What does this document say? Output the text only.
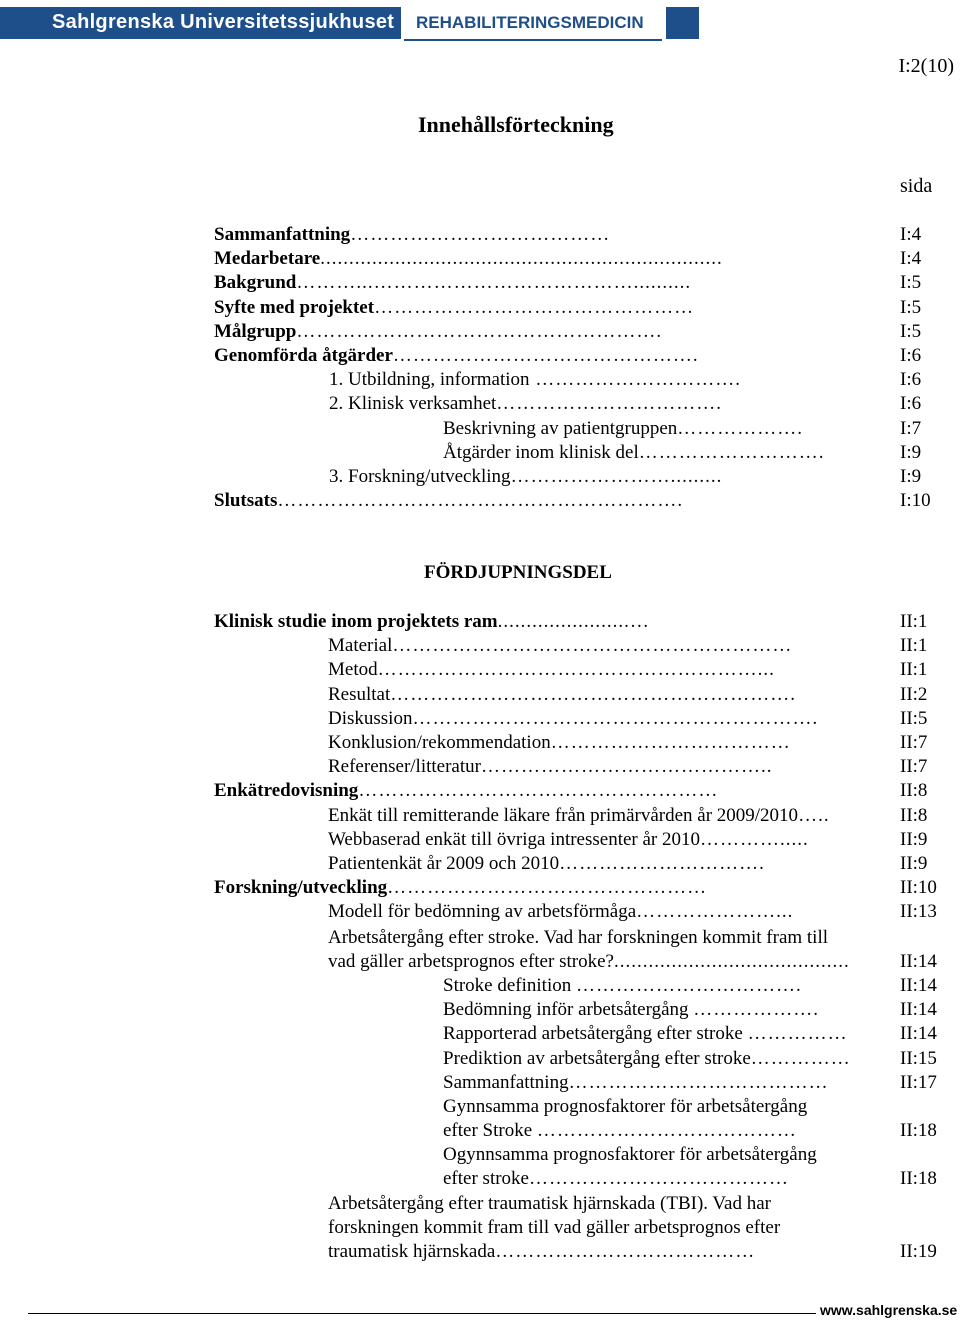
Sahlgrenska Universitetssjukhuset REHABILITERINGSMEDICIN
I:2(10)
Innehållsförteckning
sida
Sammanfattning…………………………………	I:4
Medarbetare......................................................................	I:4
Bakgrund………...…………………………………..........	I:5
Syfte med projektet…………………………………………	I:5
Målgrupp……………………………………………….	I:5
Genomförda åtgärder……………………………………….	I:6
1. Utbildning, information ………………………….	I:6
2. Klinisk verksamhet…………………………….	I:6
Beskrivning av patientgruppen……………….	I:7
Åtgärder inom klinisk del……………………….	I:9
3. Forskning/utveckling…………………….........	I:9
Slutsats…………………………………………………….	I:10
FÖRDJUPNINGSDEL
Klinisk studie inom projektets ram.......................…	II:1
Material……………………………………………………	II:1
Metod…………………………………………………...	II:1
Resultat…………………………………………………….	II:2
Diskussion…………………………………………………….	II:5
Konklusion/rekommendation………………………………	II:7
Referenser/litteratur……………………………………..	II:7
Enkätredovisning………………………………………………	II:8
Enkät till remitterande läkare från primärvården år 2009/2010…..	II:8
Webbaserad enkät till övriga intressenter år 2010………….....	II:9
Patientenkät år 2009 och 2010………………………….	II:9
Forskning/utveckling…………………………………………	II:10
Modell för bedömning av arbetsförmåga…………………...	II:13
Arbetsåtergång efter stroke. Vad har forskningen kommit fram till
vad gäller arbetsprognos efter stroke?.........................................	II:14
Stroke definition …………………………….	II:14
Bedömning inför arbetsåtergång ……………….	II:14
Rapporterad arbetsåtergång efter stroke ……………	II:14
Prediktion av arbetsåtergång efter stroke……………	II:15
Sammanfattning…………………………………	II:17
Gynnsamma prognosfaktorer för arbetsåtergång
efter Stroke …………………………………	II:18
Ogynnsamma prognosfaktorer för arbetsåtergång
efter stroke…………………………………	II:18
Arbetsåtergång efter traumatisk hjärnskada (TBI). Vad har
forskningen kommit fram till vad gäller arbetsprognos efter
traumatisk hjärnskada…………………………………	II:19
www.sahlgrenska.se
